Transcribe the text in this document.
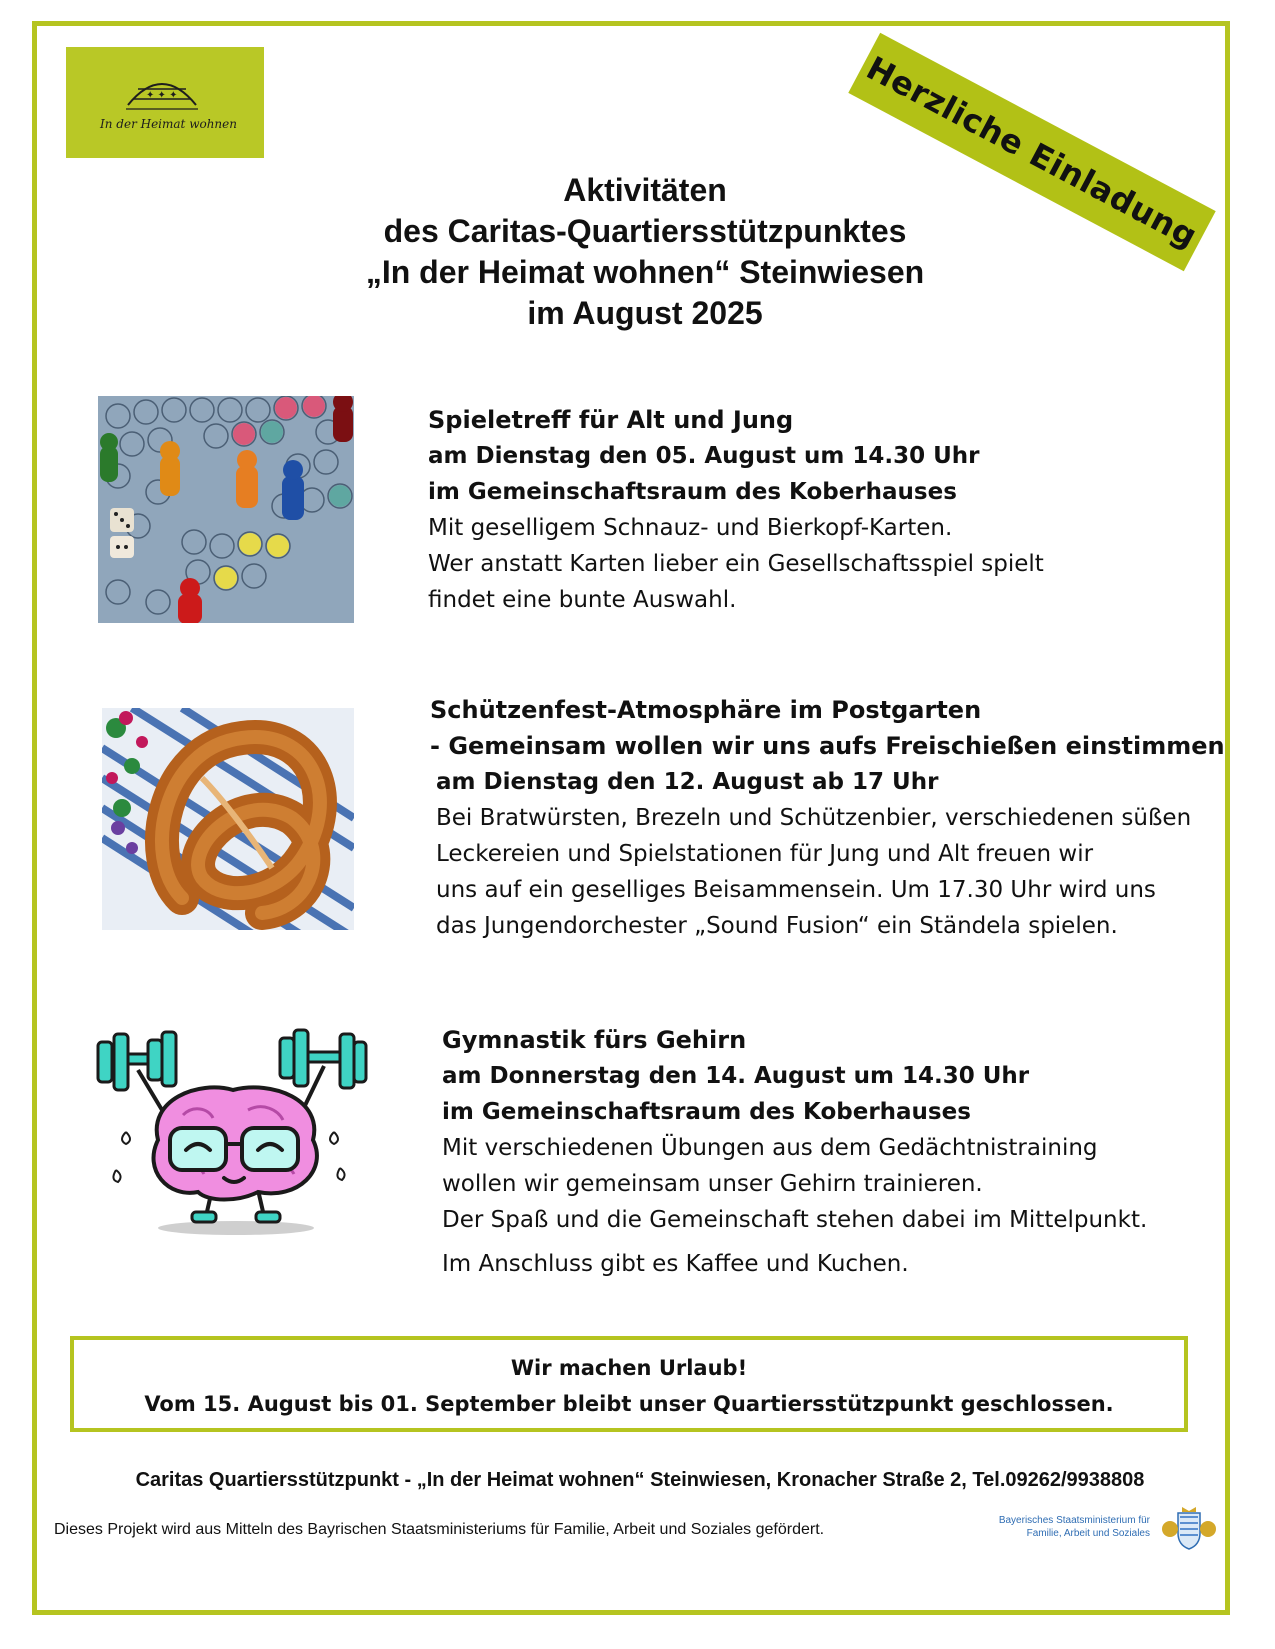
✦ ✦ ✦
In der Heimat wohnen	Herzliche Einladung
Aktivitäten
des Caritas-Quartiersstützpunktes
„In der Heimat wohnen“ Steinwiesen
im August 2025
Spieletreff für Alt und Jung
am Dienstag den 05. August um 14.30 Uhr
im Gemeinschaftsraum des Koberhauses
Mit geselligem Schnauz- und Bierkopf-Karten.
Wer anstatt Karten lieber ein Gesellschaftsspiel spielt
findet eine bunte Auswahl.
Schützenfest-Atmosphäre im Postgarten
- Gemeinsam wollen wir uns aufs Freischießen einstimmen
am Dienstag den 12. August ab 17 Uhr
Bei Bratwürsten, Brezeln und Schützenbier, verschiedenen süßen
Leckereien und Spielstationen für Jung und Alt freuen wir
uns auf ein geselliges Beisammensein. Um 17.30 Uhr wird uns
das Jungendorchester „Sound Fusion“ ein Ständela spielen.
Gymnastik fürs Gehirn
am Donnerstag den 14. August um 14.30 Uhr
im Gemeinschaftsraum des Koberhauses
Mit verschiedenen Übungen aus dem Gedächtnistraining
wollen wir gemeinsam unser Gehirn trainieren.
Der Spaß und die Gemeinschaft stehen dabei im Mittelpunkt.
Im Anschluss gibt es Kaffee und Kuchen.
Wir machen Urlaub!
Vom 15. August bis 01. September bleibt unser Quartiersstützpunkt geschlossen.
Caritas Quartiersstützpunkt - „In der Heimat wohnen“ Steinwiesen, Kronacher Straße 2, Tel.09262/9938808
Dieses Projekt wird aus Mitteln des Bayrischen Staatsministeriums für Familie, Arbeit und Soziales gefördert.
Bayerisches Staatsministerium für
Familie, Arbeit und Soziales
